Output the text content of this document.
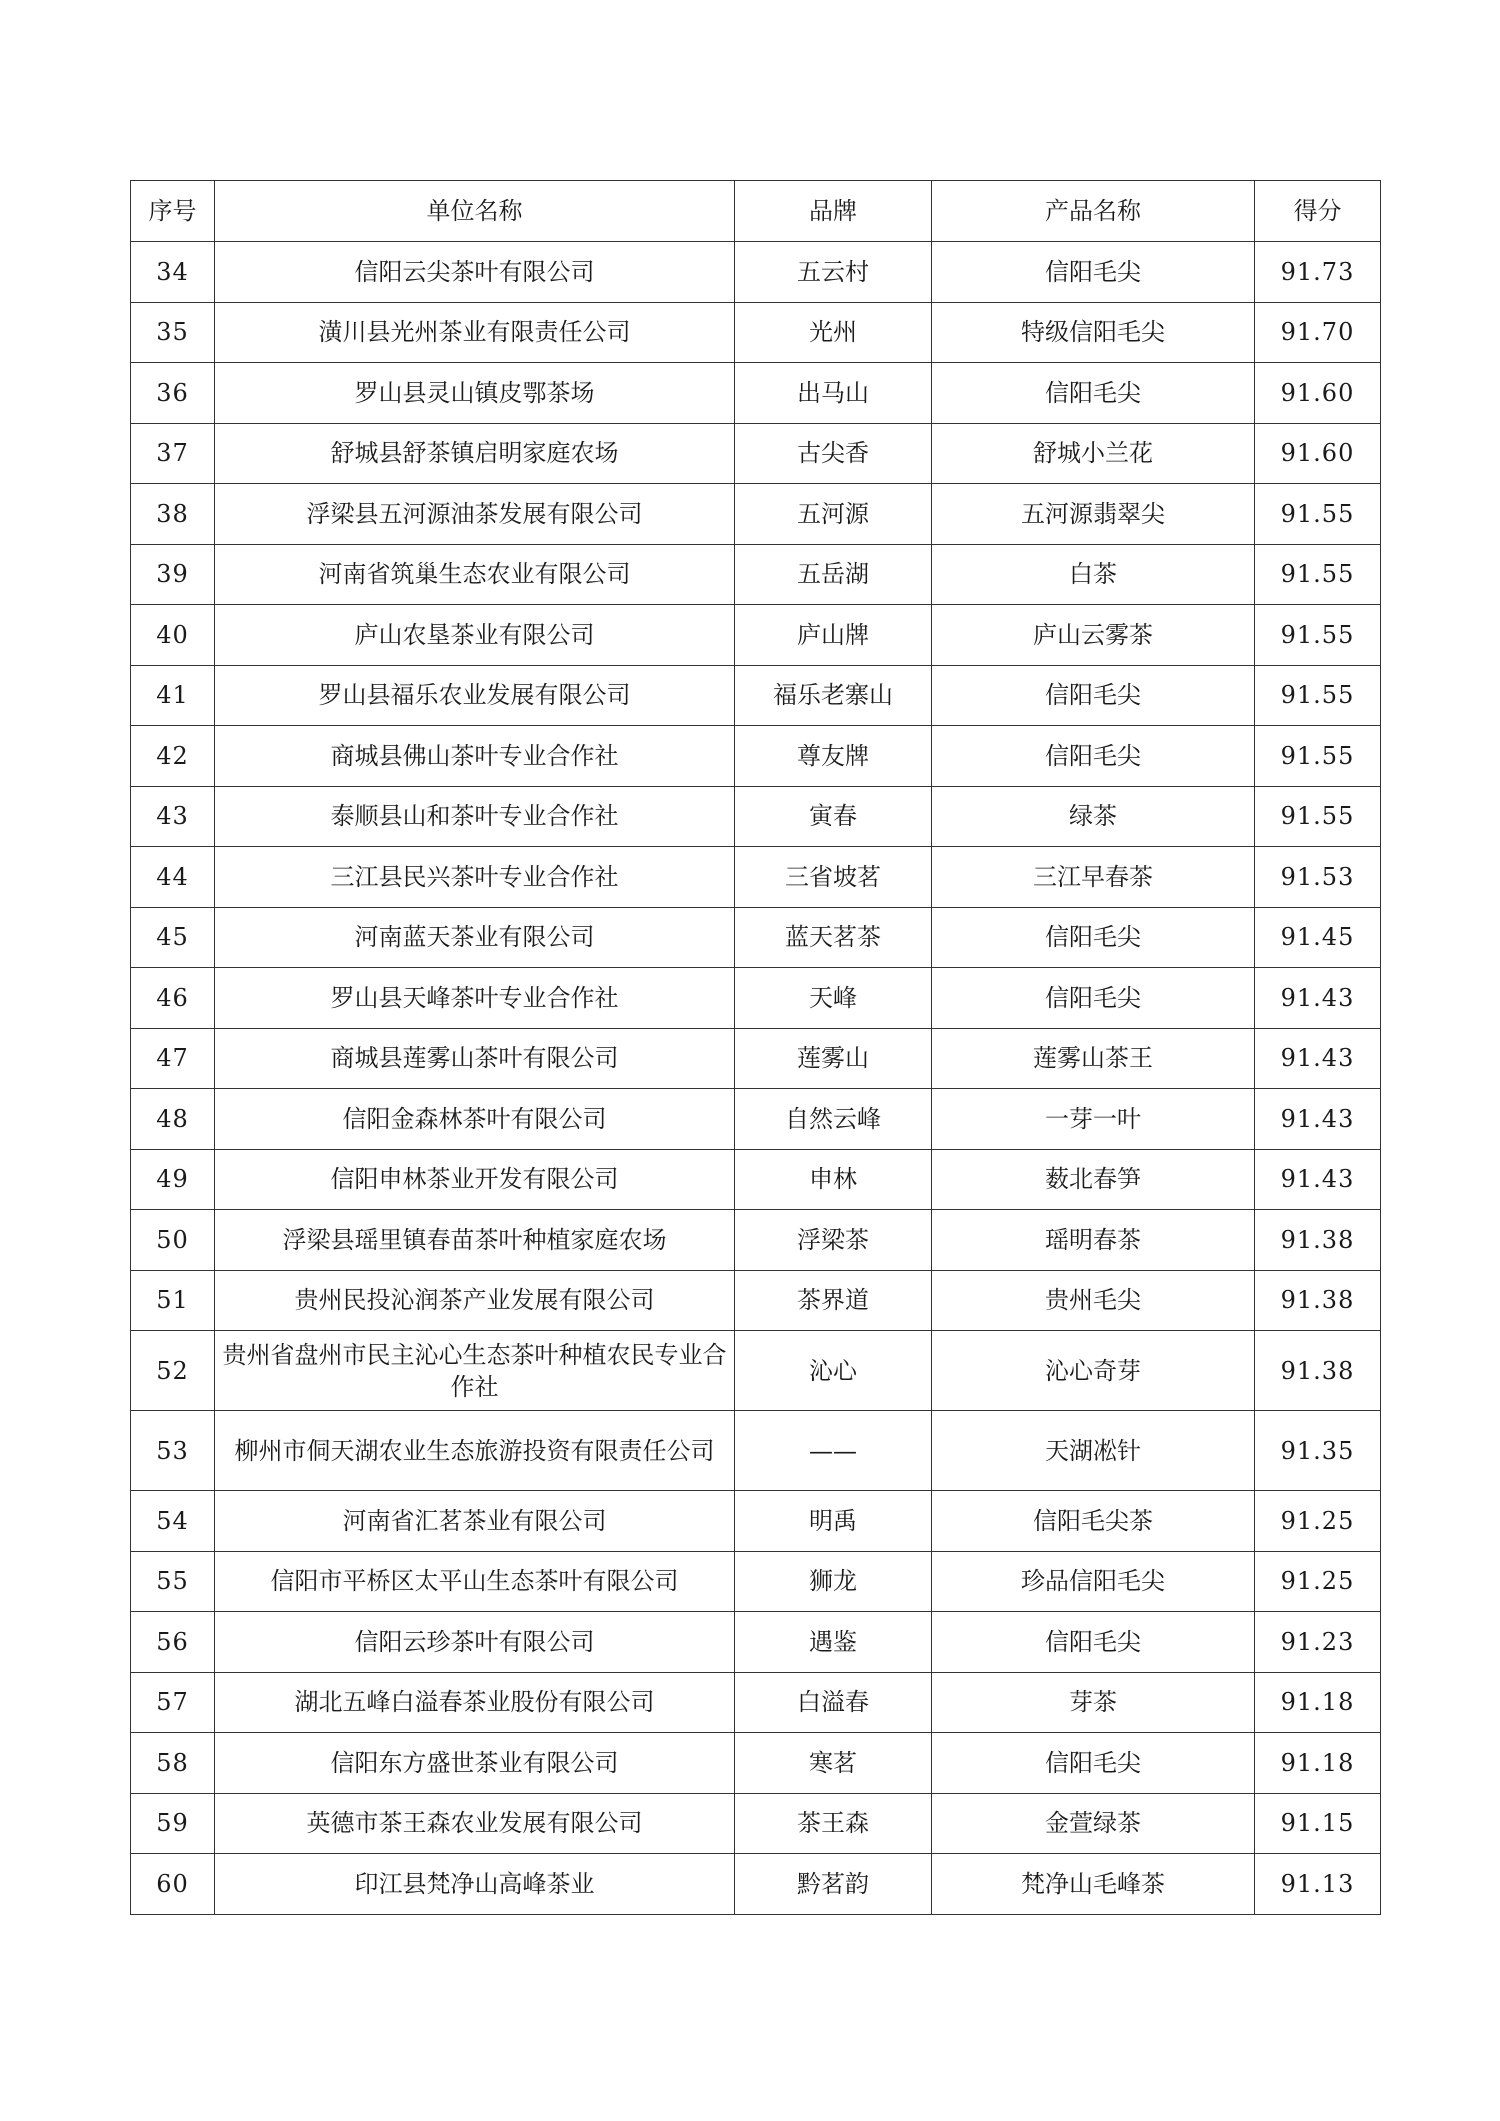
序号	单位名称	品牌	产品名称	得分
34	信阳云尖茶叶有限公司	五云村	信阳毛尖	91.73
35	潢川县光州茶业有限责任公司	光州	特级信阳毛尖	91.70
36	罗山县灵山镇皮鄂茶场	出马山	信阳毛尖	91.60
37	舒城县舒茶镇启明家庭农场	古尖香	舒城小兰花	91.60
38	浮梁县五河源油茶发展有限公司	五河源	五河源翡翠尖	91.55
39	河南省筑巢生态农业有限公司	五岳湖	白茶	91.55
40	庐山农垦茶业有限公司	庐山牌	庐山云雾茶	91.55
41	罗山县福乐农业发展有限公司	福乐老寨山	信阳毛尖	91.55
42	商城县佛山茶叶专业合作社	尊友牌	信阳毛尖	91.55
43	泰顺县山和茶叶专业合作社	寅春	绿茶	91.55
44	三江县民兴茶叶专业合作社	三省坡茗	三江早春茶	91.53
45	河南蓝天茶业有限公司	蓝天茗茶	信阳毛尖	91.45
46	罗山县天峰茶叶专业合作社	天峰	信阳毛尖	91.43
47	商城县莲雾山茶叶有限公司	莲雾山	莲雾山茶王	91.43
48	信阳金森林茶叶有限公司	自然云峰	一芽一叶	91.43
49	信阳申林茶业开发有限公司	申林	薮北春笋	91.43
50	浮梁县瑶里镇春苗茶叶种植家庭农场	浮梁茶	瑶明春茶	91.38
51	贵州民投沁润茶产业发展有限公司	茶界道	贵州毛尖	91.38
52	贵州省盘州市民主沁心生态茶叶种植农民专业合作社	沁心	沁心奇芽	91.38
53	柳州市侗天湖农业生态旅游投资有限责任公司	——	天湖凇针	91.35
54	河南省汇茗茶业有限公司	明禹	信阳毛尖茶	91.25
55	信阳市平桥区太平山生态茶叶有限公司	狮龙	珍品信阳毛尖	91.25
56	信阳云珍茶叶有限公司	遇鉴	信阳毛尖	91.23
57	湖北五峰白溢春茶业股份有限公司	白溢春	芽茶	91.18
58	信阳东方盛世茶业有限公司	寒茗	信阳毛尖	91.18
59	英德市茶王森农业发展有限公司	茶王森	金萱绿茶	91.15
60	印江县梵净山高峰茶业	黔茗韵	梵净山毛峰茶	91.13
